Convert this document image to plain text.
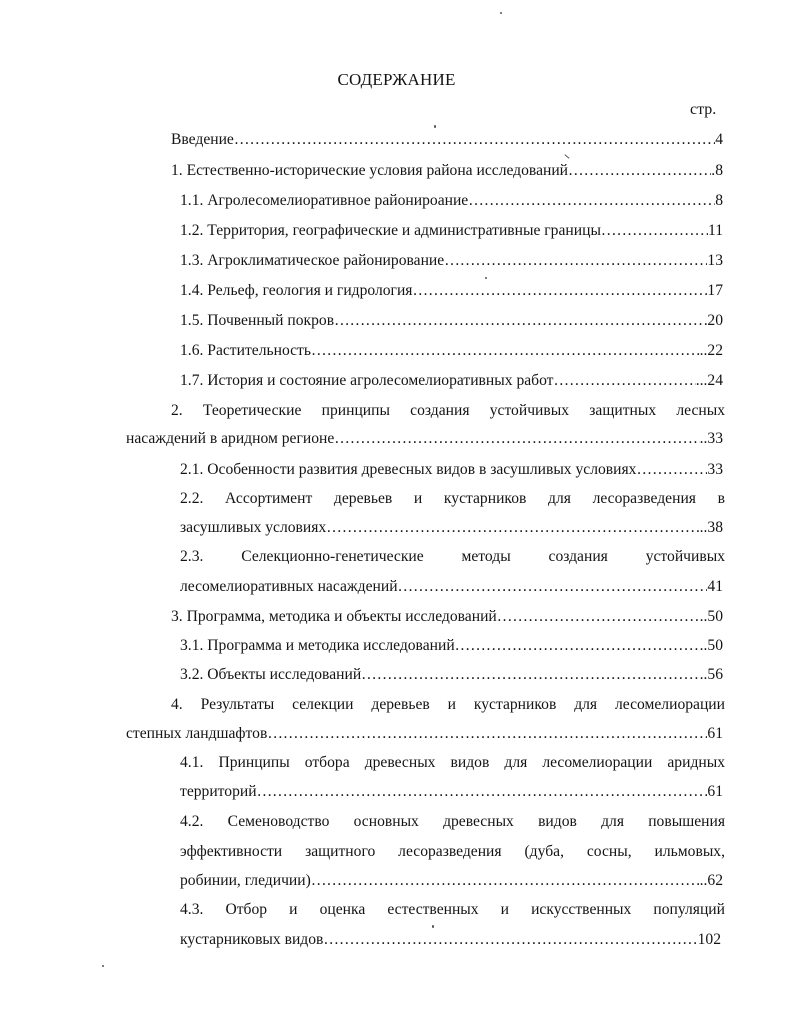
СОДЕРЖАНИЕ
стр.
Введение ……………………………………………………………………………………………………………………………………………………………	4
1. Естественно-исторические условия района исследований ……………………………………………………………………………………………………………………………………………………………	.8
1.1. Агролесомелиоративное районироание ……………………………………………………………………………………………………………………………………………………………	8
1.2. Территория, географические и административные границы ……………………………………………………………………………………………………………………………………………………………	11
1.3. Агроклиматическое районирование ……………………………………………………………………………………………………………………………………………………………	13
1.4. Рельеф, геология и гидрология ……………………………………………………………………………………………………………………………………………………………	17
1.5. Почвенный покров ……………………………………………………………………………………………………………………………………………………………	20
1.6. Растительность ……………………………………………………………………………………………………………………………………………………………	..22
1.7. История и состояние агролесомелиоративных работ ……………………………………………………………………………………………………………………………………………………………	...24
2. Теоретические принципы создания устойчивых защитных лесных
насаждений в аридном регионе ……………………………………………………………………………………………………………………………………………………………	..33
2.1. Особенности развития древесных видов в засушливых условиях ……………………………………………………………………………………………………………………………………………………………	33
2.2. Ассортимент деревьев и кустарников для лесоразведения в
засушливых условиях ……………………………………………………………………………………………………………………………………………………………	..38
2.3. Селекционно-генетические методы создания устойчивых
лесомелиоративных насаждений ……………………………………………………………………………………………………………………………………………………………	41
3. Программа, методика и объекты исследований ……………………………………………………………………………………………………………………………………………………………	..50
3.1. Программа и методика исследований ……………………………………………………………………………………………………………………………………………………………	..50
3.2. Объекты исследований ……………………………………………………………………………………………………………………………………………………………	..56
4. Результаты селекции деревьев и кустарников для лесомелиорации
степных ландшафтов ……………………………………………………………………………………………………………………………………………………………	61
4.1. Принципы отбора древесных видов для лесомелиорации аридных
территорий ……………………………………………………………………………………………………………………………………………………………	61
4.2. Семеноводство основных древесных видов для повышения
эффективности защитного лесоразведения (дуба, сосны, ильмовых,
робинии, гледичии) ……………………………………………………………………………………………………………………………………………………………	..62
4.3. Отбор и оценка естественных и искусственных популяций
кустарниковых видов ……………………………………………………………………………………………………………………………………………………………	102
